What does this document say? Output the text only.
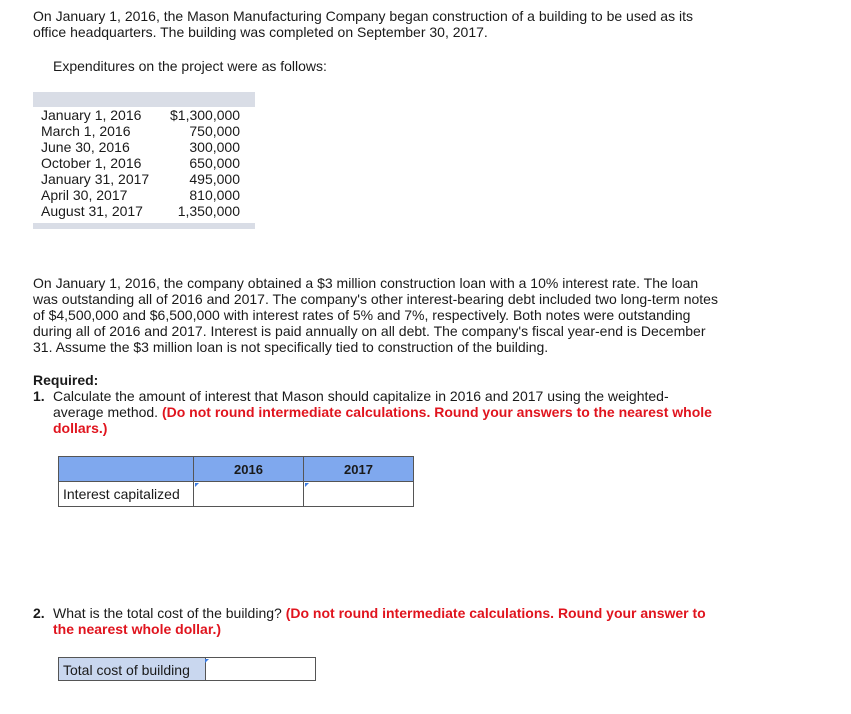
On January 1, 2016, the Mason Manufacturing Company began construction of a building to be used as its office headquarters. The building was completed on September 30, 2017.

Expenditures on the project were as follows:

January 1, 2016	$1,300,000
March 1, 2016	750,000
June 30, 2016	300,000
October 1, 2016	650,000
January 31, 2017	495,000
April 30, 2017	810,000
August 31, 2017	1,350,000

On January 1, 2016, the company obtained a $3 million construction loan with a 10% interest rate. The loan was outstanding all of 2016 and 2017. The company's other interest-bearing debt included two long-term notes of $4,500,000 and $6,500,000 with interest rates of 5% and 7%, respectively. Both notes were outstanding during all of 2016 and 2017. Interest is paid annually on all debt. The company's fiscal year-end is December 31. Assume the $3 million loan is not specifically tied to construction of the building.

Required:

1. Calculate the amount of interest that Mason should capitalize in 2016 and 2017 using the weighted-average method. (Do not round intermediate calculations. Round your answers to the nearest whole dollars.)

	2016	2017
Interest capitalized	

2. What is the total cost of the building? (Do not round intermediate calculations. Round your answer to the nearest whole dollar.)

Total cost of building
